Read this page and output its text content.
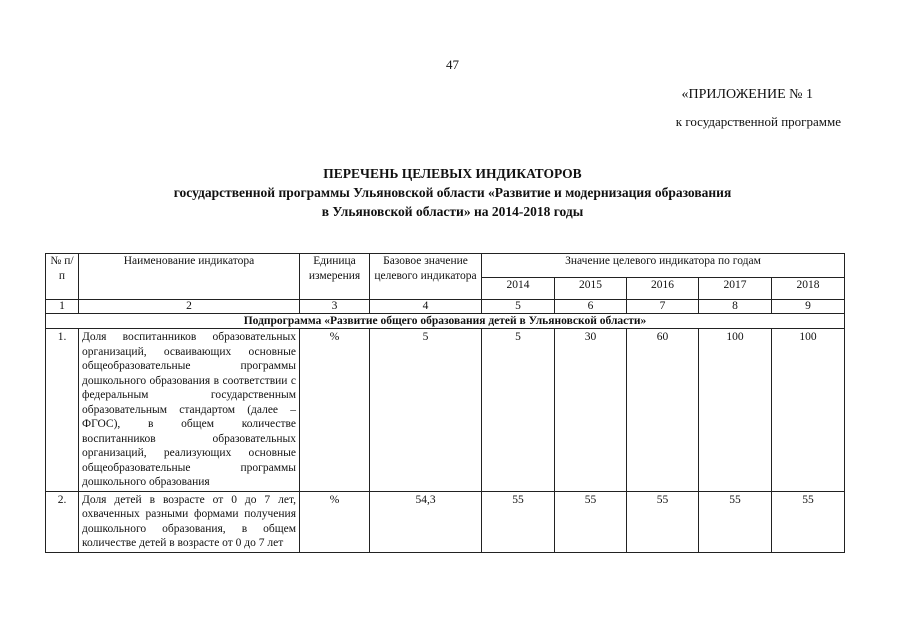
47
«ПРИЛОЖЕНИЕ № 1
к государственной программе
ПЕРЕЧЕНЬ ЦЕЛЕВЫХ ИНДИКАТОРОВ
государственной программы Ульяновской области «Развитие и модернизация образования
в Ульяновской области» на 2014-2018 годы
№ п/п	Наименование индикатора	Единица измерения	Базовое значение целевого индикатора	Значение целевого индикатора по годам				
				2014	2015	2016	2017	2018
1	2	3	4	5	6	7	8	9
Подпрограмма «Развитие общего образования детей в Ульяновской области»								
1.	Доля воспитанников образовательных организаций, осваивающих основные общеобразовательные программы дошкольного образования в соответствии с федеральным государственным образовательным стандартом (далее – ФГОС), в общем количестве воспитанников образовательных организаций, реализующих основные общеобразовательные программы дошкольного образования	%	5	5	30	60	100	100
2.	Доля детей в возрасте от 0 до 7 лет, охваченных разными формами получения дошкольного образования, в общем количестве детей в возрасте от 0 до 7 лет	%	54,3	55	55	55	55	55
